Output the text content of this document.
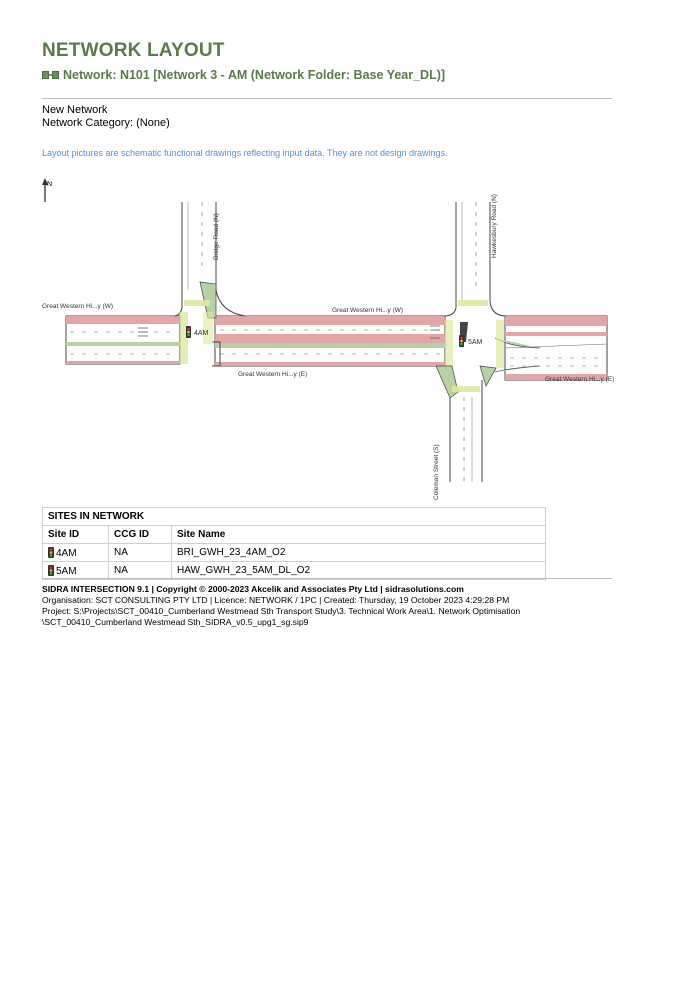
NETWORK LAYOUT
Network: N101 [Network 3 - AM (Network Folder: Base Year_DL)]
New Network
Network Category: (None)
Layout pictures are schematic functional drawings reflecting input data. They are not design drawings.
N
Great Western Hi...y (W)
Great Western Hi...y (W)
Great Western Hi...y (E)
Great Western Hi...y (E)
Bridge Road (N)	Hawkesbury Road (N)
Coleman Street (S)
4AM
5AM
SITES IN NETWORK		
Site ID	CCG ID	Site Name
4AM	NA	BRI_GWH_23_4AM_O2
5AM	NA	HAW_GWH_23_5AM_DL_O2
SIDRA INTERSECTION 9.1 | Copyright © 2000-2023 Akcelik and Associates Pty Ltd | sidrasolutions.com
Organisation: SCT CONSULTING PTY LTD | Licence: NETWORK / 1PC | Created: Thursday, 19 October 2023 4:29:28 PM
Project: S:\Projects\SCT_00410_Cumberland Westmead Sth Transport Study\3. Technical Work Area\1. Network Optimisation
\SCT_00410_Cumberland Westmead Sth_SIDRA_v0.5_upg1_sg.sip9
